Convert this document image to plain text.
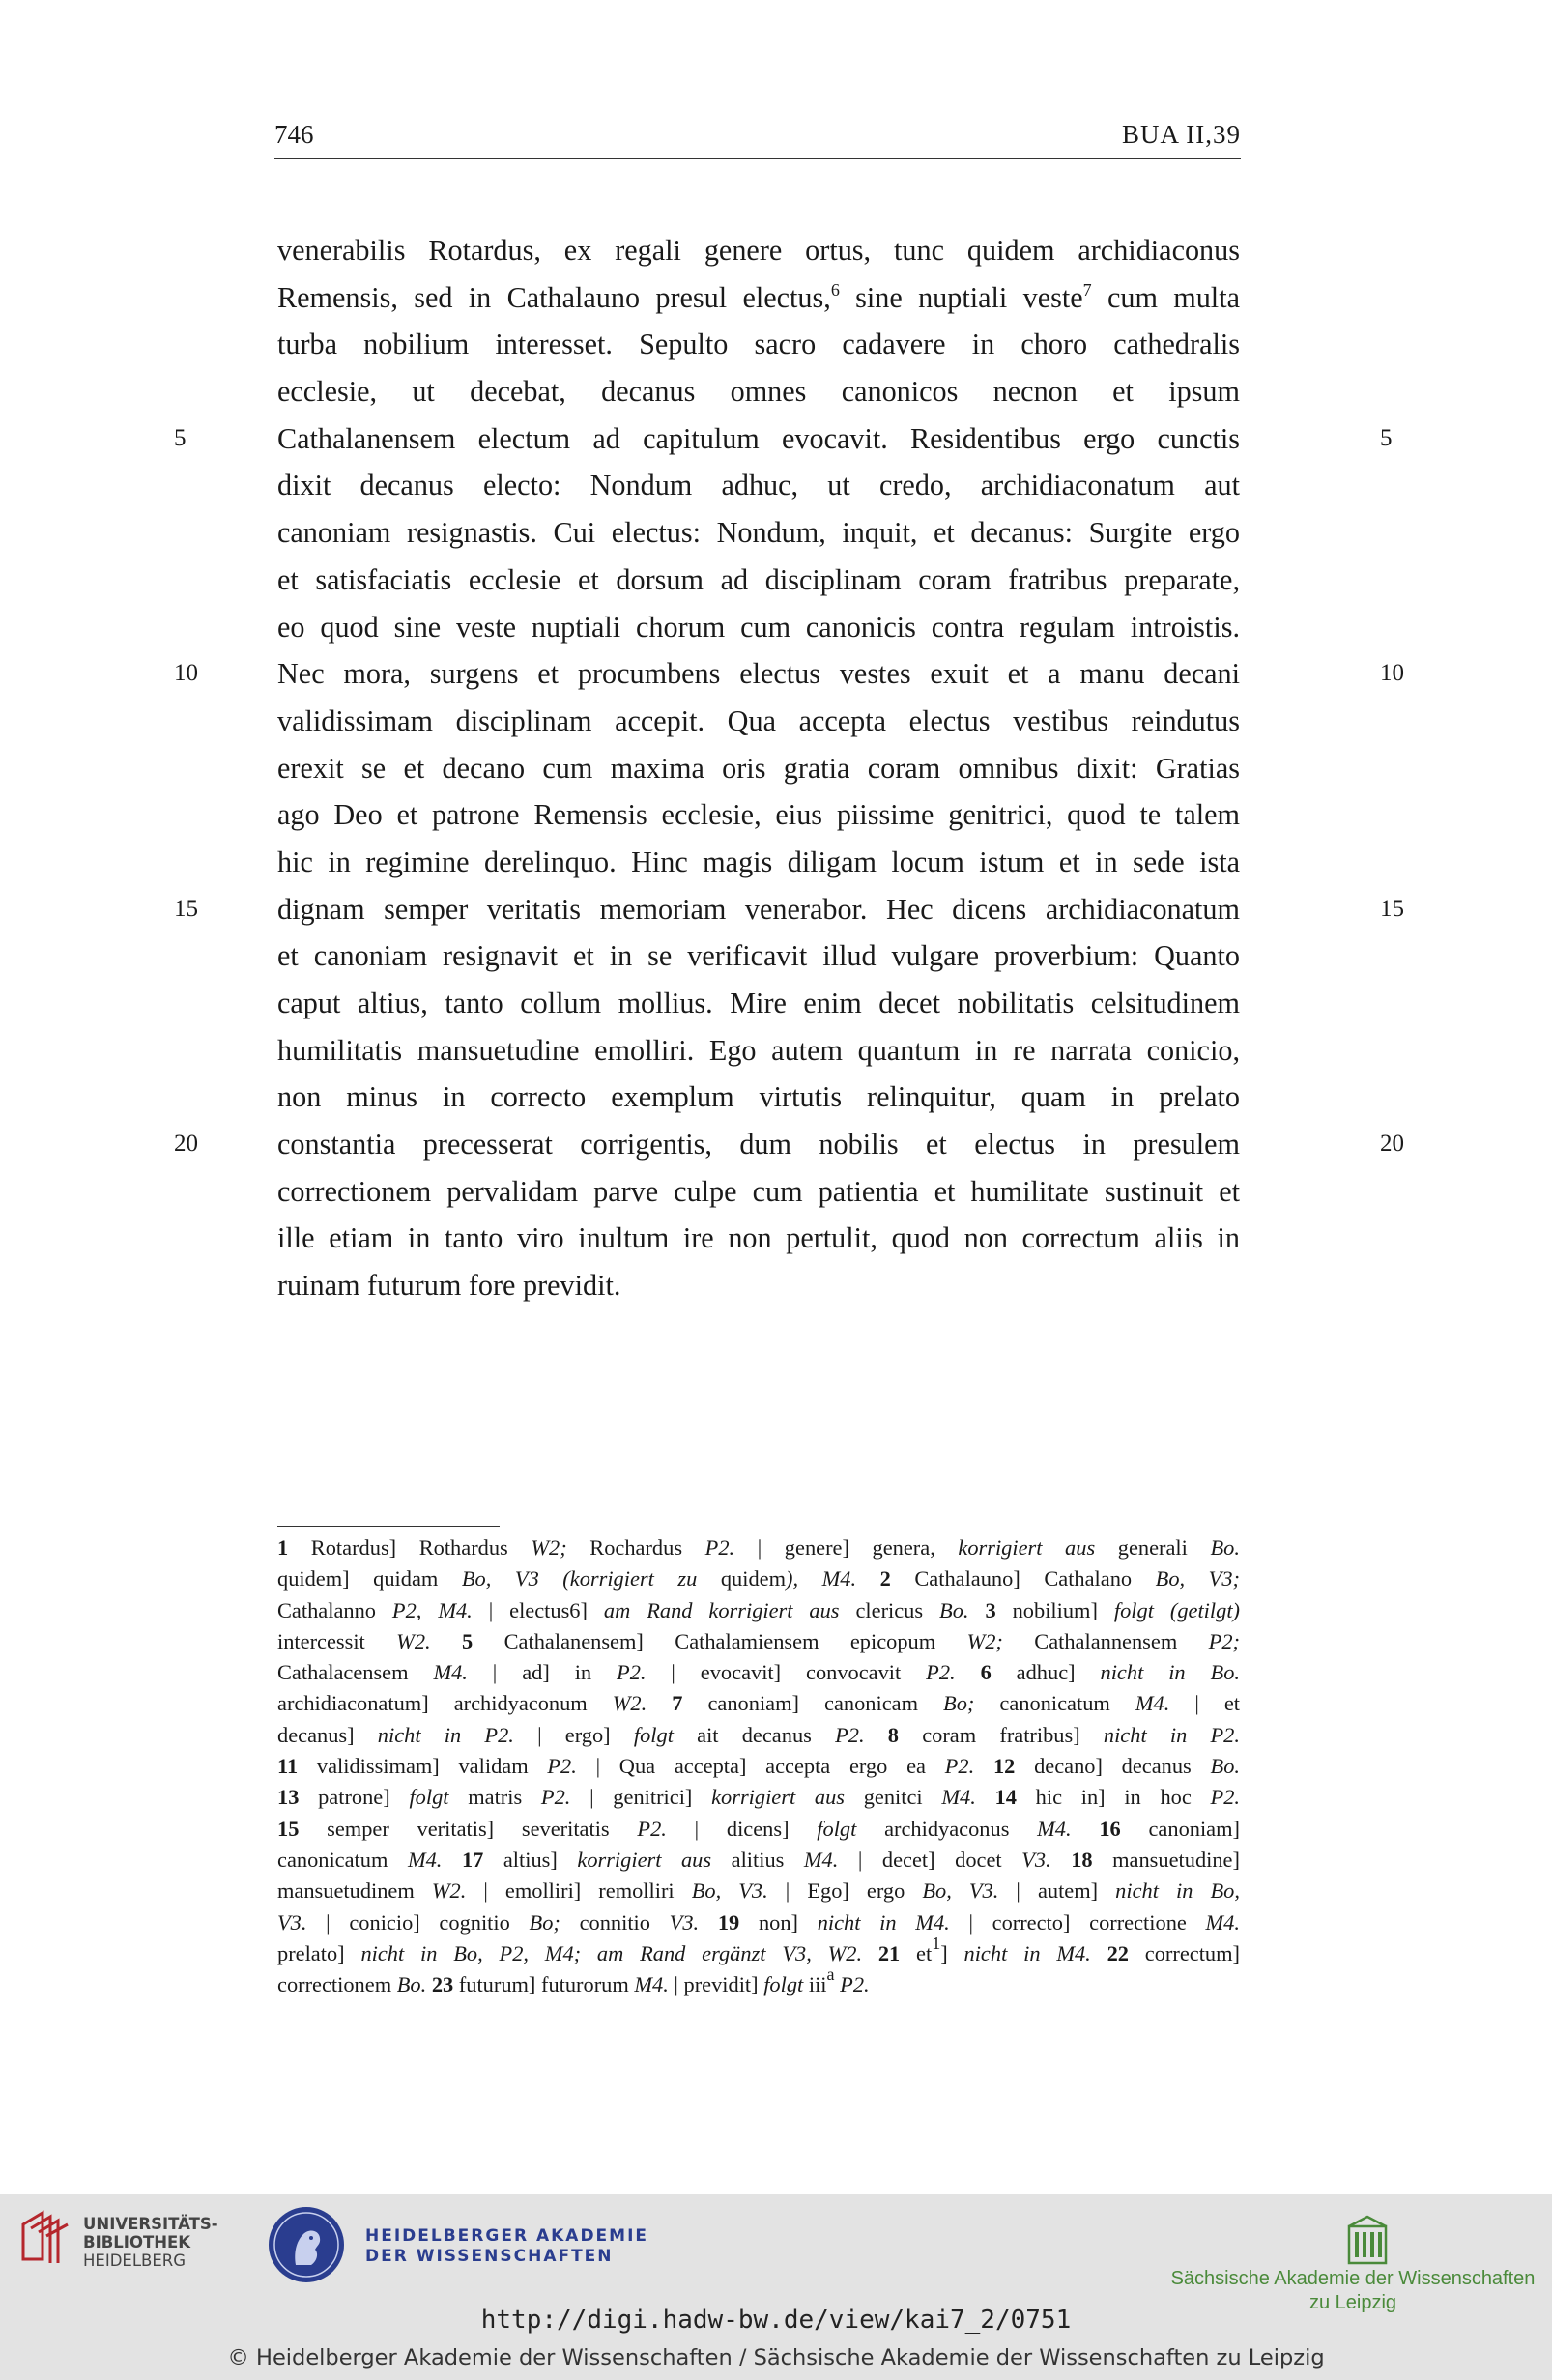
746	BUA II,39
5
10
15
20
5
10
15
20
venerabilis Rotardus, ex regali genere ortus, tunc quidem archidiaconus
Remensis, sed in Cathalauno presul electus,$^6$ sine nuptiali veste$^7$ cum multa
turba nobilium interesset. Sepulto sacro cadavere in choro cathedralis
ecclesie, ut decebat, decanus omnes canonicos necnon et ipsum
Cathalanensem electum ad capitulum evocavit. Residentibus ergo cunctis
dixit decanus electo: Nondum adhuc, ut credo, archidiaconatum aut
canoniam resignastis. Cui electus: Nondum, inquit, et decanus: Surgite ergo
et satisfaciatis ecclesie et dorsum ad disciplinam coram fratribus preparate,
eo quod sine veste nuptiali chorum cum canonicis contra regulam introistis.
Nec mora, surgens et procumbens electus vestes exuit et a manu decani
validissimam disciplinam accepit. Qua accepta electus vestibus reindutus
erexit se et decano cum maxima oris gratia coram omnibus dixit: Gratias
ago Deo et patrone Remensis ecclesie, eius piissime genitrici, quod te talem
hic in regimine derelinquo. Hinc magis diligam locum istum et in sede ista
dignam semper veritatis memoriam venerabor. Hec dicens archidiaconatum
et canoniam resignavit et in se verificavit illud vulgare proverbium: Quanto
caput altius, tanto collum mollius. Mire enim decet nobilitatis celsitudinem
humilitatis mansuetudine emolliri. Ego autem quantum in re narrata conicio,
non minus in correcto exemplum virtutis relinquitur, quam in prelato
constantia precesserat corrigentis, dum nobilis et electus in presulem
correctionem pervalidam parve culpe cum patientia et humilitate sustinuit et
ille etiam in tanto viro inultum ire non pertulit, quod non correctum aliis in
ruinam futurum fore previdit.
1 Rotardus] Rothardus W2; Rochardus P2. | genere] genera, korrigiert aus generali Bo.
quidem] quidam Bo, V3 (korrigiert zu quidem), M4. 2 Cathalauno] Cathalano Bo, V3;
Cathalanno P2, M4. | electus6] am Rand korrigiert aus clericus Bo. 3 nobilium] folgt (getilgt)
intercessit W2. 5 Cathalanensem] Cathalamiensem epicopum W2; Cathalannensem P2;
Cathalacensem M4. | ad] in P2. | evocavit] convocavit P2. 6 adhuc] nicht in Bo.
archidiaconatum] archidyaconum W2. 7 canoniam] canonicam Bo; canonicatum M4. | et
decanus] nicht in P2. | ergo] folgt ait decanus P2. 8 coram fratribus] nicht in P2.
11 validissimam] validam P2. | Qua accepta] accepta ergo ea P2. 12 decano] decanus Bo.
13 patrone] folgt matris P2. | genitrici] korrigiert aus genitci M4. 14 hic in] in hoc P2.
15 semper veritatis] severitatis P2. | dicens] folgt archidyaconus M4. 16 canoniam]
canonicatum M4. 17 altius] korrigiert aus alitius M4. | decet] docet V3. 18 mansuetudine]
mansuetudinem W2. | emolliri] remolliri Bo, V3. | Ego] ergo Bo, V3. | autem] nicht in Bo,
V3. | conicio] cognitio Bo; connitio V3. 19 non] nicht in M4. | correcto] correctione M4.
prelato] nicht in Bo, P2, M4; am Rand ergänzt V3, W2. 21 $et^1$] nicht in M4. 22 correctum]
correctionem Bo. 23 futurum] futurorum M4. | previdit] folgt iii$^a$ P2.
UNIVERSITÄTS-
BIBLIOTHEK
HEIDELBERG
HEIDELBERGER AKADEMIE
DER WISSENSCHAFTEN
Sächsische Akademie der Wissenschaften
zu Leipzig
http://digi.hadw-bw.de/view/kai7_2/0751
© Heidelberger Akademie der Wissenschaften / Sächsische Akademie der Wissenschaften zu Leipzig
